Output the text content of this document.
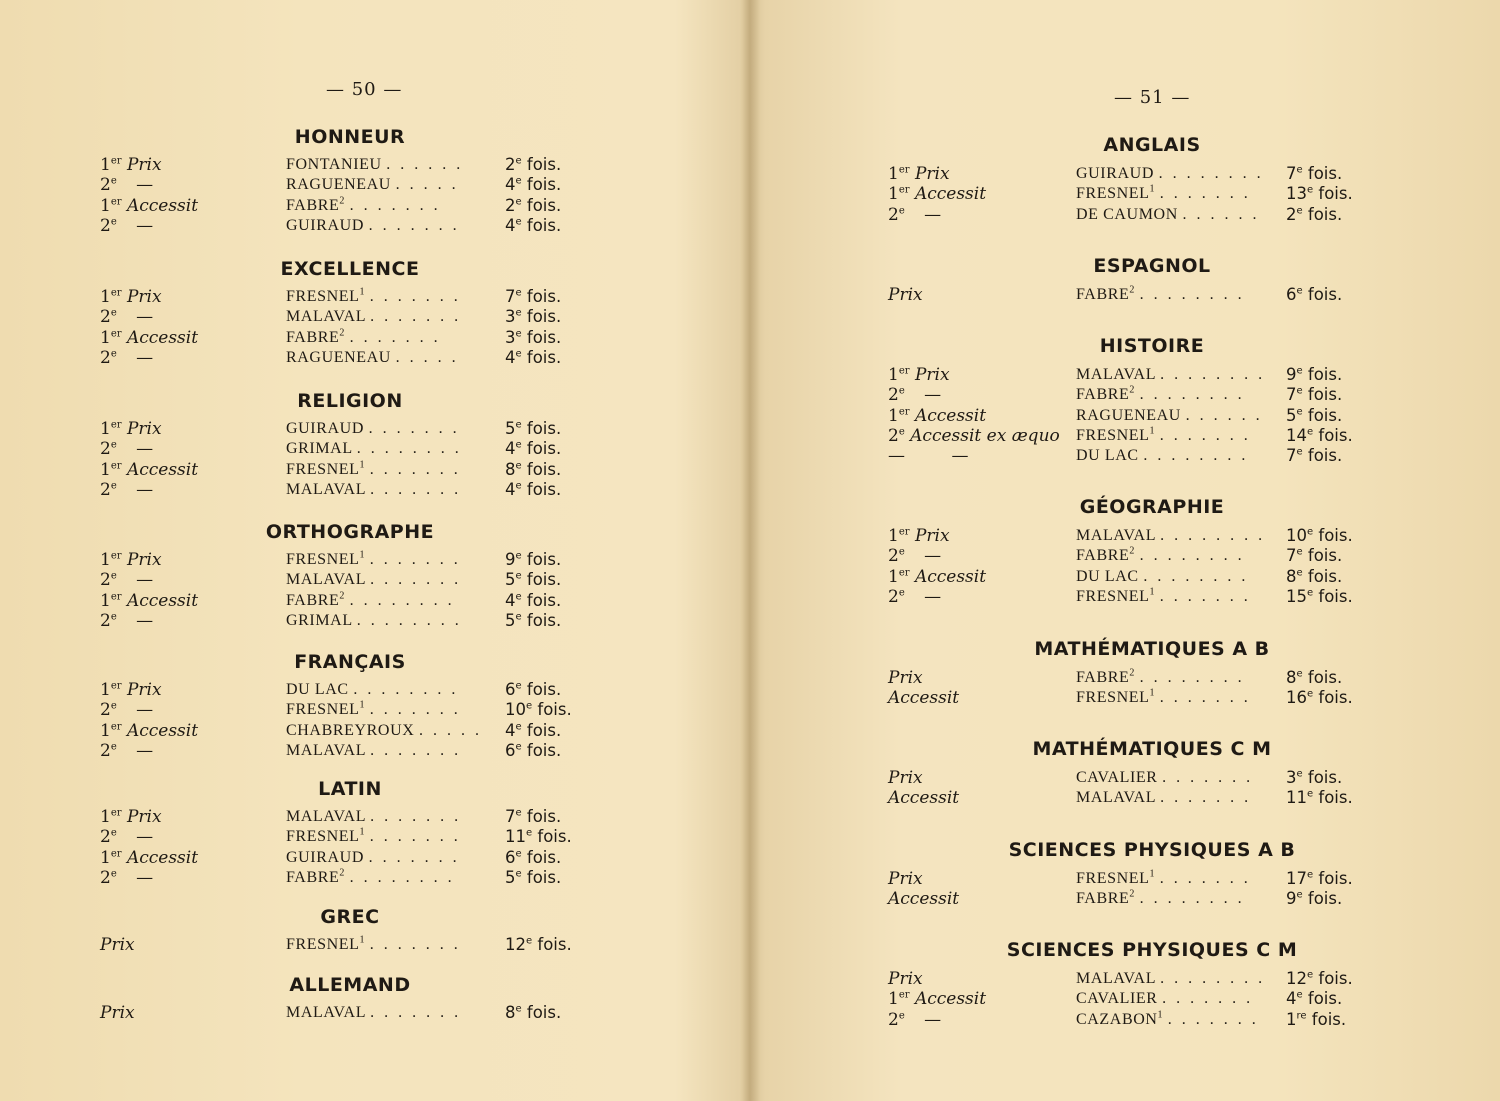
— 50 —
HONNEUR
1er Prix	FONTANIEU . . . . . .	2e fois.
2e —	RAGUENEAU . . . . .	4e fois.
1er Accessit	FABRE$^2$ . . . . . . .	2e fois.
2e —	GUIRAUD . . . . . . .	4e fois.
EXCELLENCE
1er Prix	FRESNEL$^1$ . . . . . . .	7e fois.
2e —	MALAVAL . . . . . . .	3e fois.
1er Accessit	FABRE$^2$ . . . . . . .	3e fois.
2e —	RAGUENEAU . . . . .	4e fois.
RELIGION
1er Prix	GUIRAUD . . . . . . .	5e fois.
2e —	GRIMAL . . . . . . . .	4e fois.
1er Accessit	FRESNEL$^1$ . . . . . . .	8e fois.
2e —	MALAVAL . . . . . . .	4e fois.
ORTHOGRAPHE
1er Prix	FRESNEL$^1$ . . . . . . .	9e fois.
2e —	MALAVAL . . . . . . .	5e fois.
1er Accessit	FABRE$^2$ . . . . . . . .	4e fois.
2e —	GRIMAL . . . . . . . .	5e fois.
FRANÇAIS
1er Prix	DU LAC . . . . . . . .	6e fois.
2e —	FRESNEL$^1$ . . . . . . .	10e fois.
1er Accessit	CHABREYROUX . . . . . 4e fois.
2e —	MALAVAL . . . . . . .	6e fois.
LATIN
1er Prix	MALAVAL . . . . . . .	7e fois.
2e —	FRESNEL$^1$ . . . . . . .	11e fois.
1er Accessit	GUIRAUD . . . . . . .	6e fois.
2e —	FABRE$^2$ . . . . . . . .	5e fois.
GREC
Prix	FRESNEL$^1$ . . . . . . .	12e fois.
ALLEMAND
Prix	MALAVAL . . . . . . .	8e fois.
— 51 —
ANGLAIS
1er Prix	GUIRAUD . . . . . . . . 7e fois.
1er Accessit	FRESNEL$^1$ . . . . . . . 13e fois.
2e —	DE CAUMON . . . . . . 2e fois.
ESPAGNOL
Prix	FABRE$^2$ . . . . . . . .	6e fois.
HISTOIRE
1er Prix	MALAVAL . . . . . . . . 9e fois.
2e —	FABRE$^2$ . . . . . . . .	7e fois.
1er Accessit	RAGUENEAU . . . . . . 5e fois.
2e Accessit ex æquo FRESNEL$^1$ . . . . . . . 14e fois.
—	—	DU LAC . . . . . . . . 7e fois.
GÉOGRAPHIE
1er Prix	MALAVAL . . . . . . . . 10e fois.
2e —	FABRE$^2$ . . . . . . . .	7e fois.
1er Accessit	DU LAC . . . . . . . . 8e fois.
2e —	FRESNEL$^1$ . . . . . . . 15e fois.
MATHÉMATIQUES A B
Prix	FABRE$^2$ . . . . . . . .	8e fois.
Accessit	FRESNEL$^1$ . . . . . . . 16e fois.
MATHÉMATIQUES C M
Prix	CAVALIER . . . . . . . 3e fois.
Accessit	MALAVAL . . . . . . . 11e fois.
SCIENCES PHYSIQUES A B
Prix	FRESNEL$^1$ . . . . . . . 17e fois.
Accessit	FABRE$^2$ . . . . . . . .	9e fois.
SCIENCES PHYSIQUES C M
Prix	MALAVAL . . . . . . . . 12e fois.
1er Accessit	CAVALIER . . . . . . . 4e fois.
2e —	CAZABON$^1$ . . . . . . . 1re fois.
